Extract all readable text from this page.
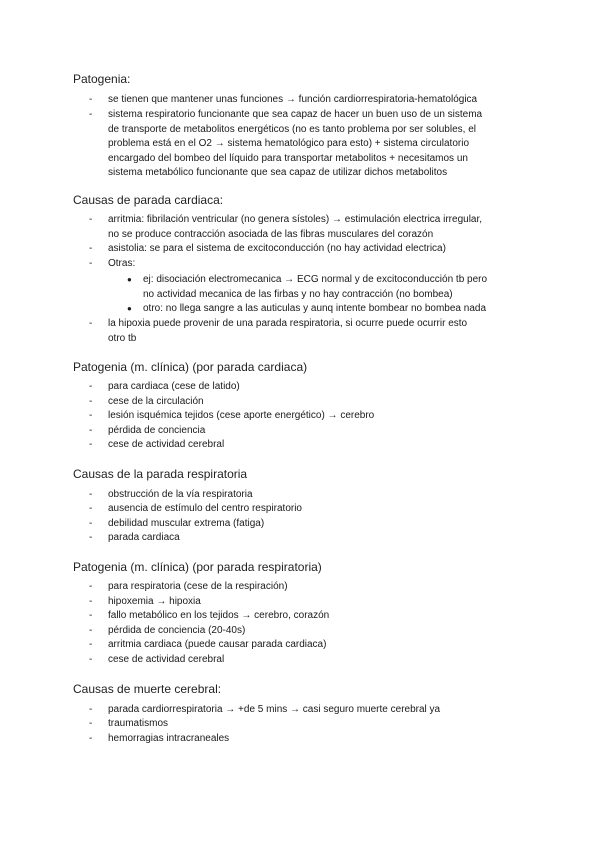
Patogenia:
-	se tienen que mantener unas funciones → función cardiorrespiratoria-hematológica
-	sistema respiratorio funcionante que sea capaz de hacer un buen uso de un sistema
de transporte de metabolitos energéticos (no es tanto problema por ser solubles, el
problema está en el O2 → sistema hematológico para esto) + sistema circulatorio
encargado del bombeo del líquido para transportar metabolitos + necesitamos un
sistema metabólico funcionante que sea capaz de utilizar dichos metabolitos
Causas de parada cardiaca:
-	arritmia: fibrilación ventricular (no genera sístoles) → estimulación electrica irregular,
no se produce contracción asociada de las fibras musculares del corazón
-	asistolia: se para el sistema de excitoconducción (no hay actividad electrica)
-	Otras:
● ej: disociación electromecanica → ECG normal y de excitoconducción tb pero
no actividad mecanica de las firbas y no hay contracción (no bombea)
● otro: no llega sangre a las auticulas y aunq intente bombear no bombea nada
-	la hipoxia puede provenir de una parada respiratoria, si ocurre puede ocurrir esto
otro tb
Patogenia (m. clínica) (por parada cardiaca)
-	para cardiaca (cese de latido)
-	cese de la circulación
-	lesión isquémica tejidos (cese aporte energético) → cerebro
-	pérdida de conciencia
-	cese de actividad cerebral
Causas de la parada respiratoria
-	obstrucción de la vía respiratoria
-	ausencia de estímulo del centro respiratorio
-	debilidad muscular extrema (fatiga)
-	parada cardiaca
Patogenia (m. clínica) (por parada respiratoria)
-	para respiratoria (cese de la respiración)
-	hipoxemia → hipoxia
-	fallo metabólico en los tejidos → cerebro, corazón
-	pérdida de conciencia (20-40s)
-	arritmia cardiaca (puede causar parada cardiaca)
-	cese de actividad cerebral
Causas de muerte cerebral:
-	parada cardiorrespiratoria → +de 5 mins → casi seguro muerte cerebral ya
-	traumatismos
-	hemorragias intracraneales
